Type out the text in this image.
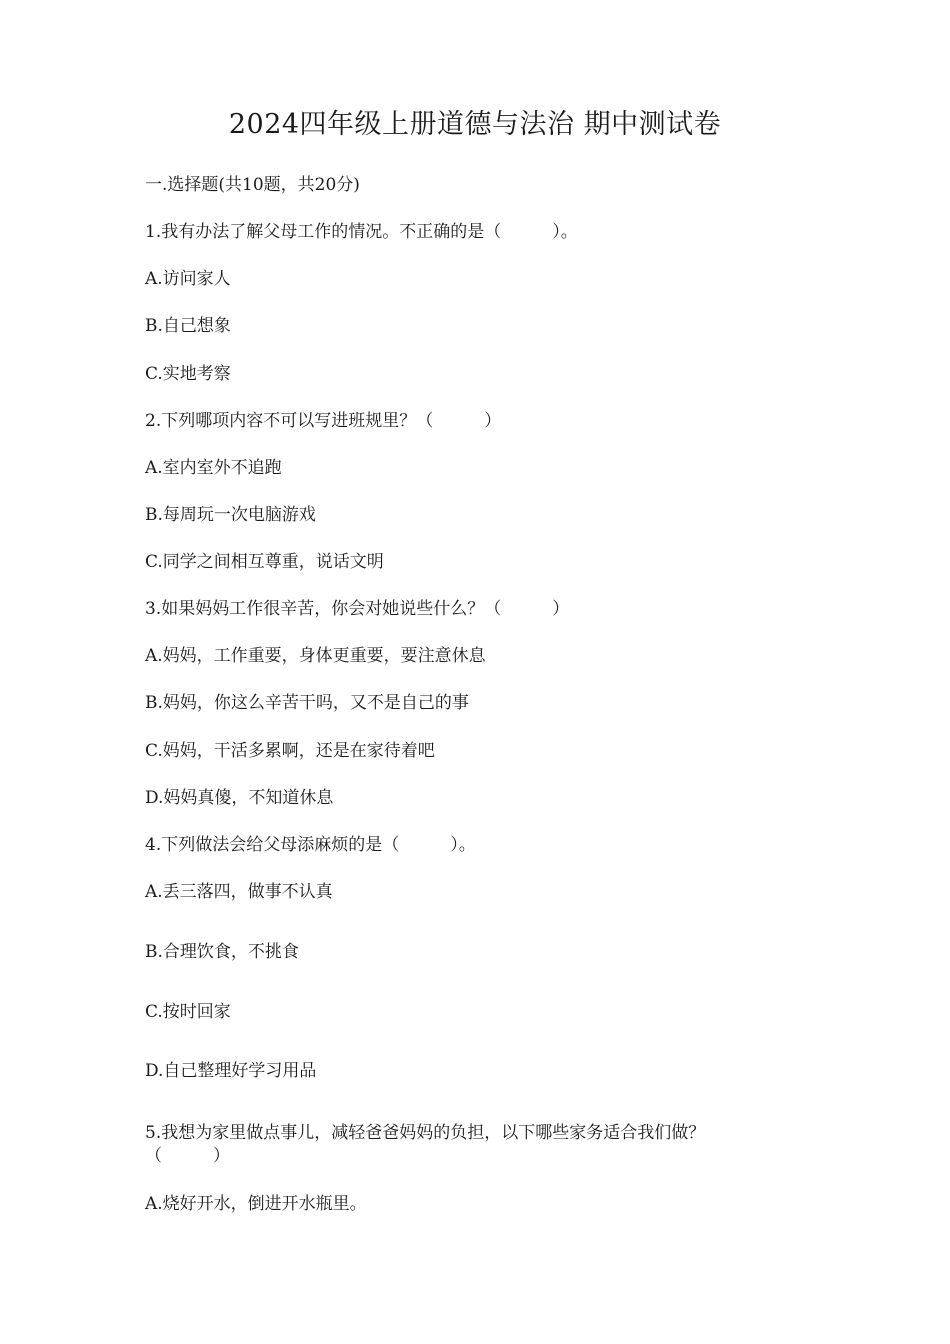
2024四年级上册道德与法治 期中测试卷
一.选择题(共10题，共20分)
1.我有办法了解父母工作的情况。不正确的是（　　　）。
A.访问家人
B.自己想象
C.实地考察
2.下列哪项内容不可以写进班规里？（　　　）
A.室内室外不追跑
B.每周玩一次电脑游戏
C.同学之间相互尊重，说话文明
3.如果妈妈工作很辛苦，你会对她说些什么？（　　　）
A.妈妈，工作重要，身体更重要，要注意休息
B.妈妈，你这么辛苦干吗，又不是自己的事
C.妈妈，干活多累啊，还是在家待着吧
D.妈妈真傻，不知道休息
4.下列做法会给父母添麻烦的是（　　　）。
A.丢三落四，做事不认真
B.合理饮食，不挑食
C.按时回家
D.自己整理好学习用品
5.我想为家里做点事儿，减轻爸爸妈妈的负担，以下哪些家务适合我们做？
（　　　）
A.烧好开水，倒进开水瓶里。
